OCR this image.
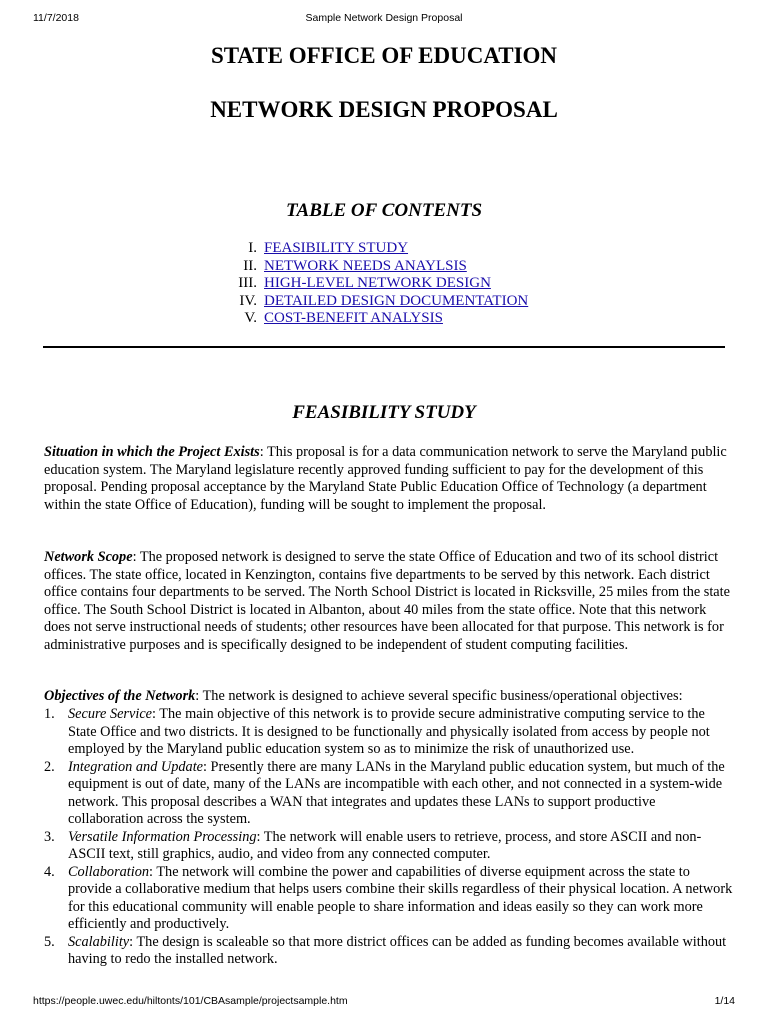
Sample Network Design Proposal
11/7/2018
STATE OFFICE OF EDUCATION
NETWORK DESIGN PROPOSAL
TABLE OF CONTENTS
I. FEASIBILITY STUDY
II. NETWORK NEEDS ANAYLSIS
III. HIGH-LEVEL NETWORK DESIGN
IV. DETAILED DESIGN DOCUMENTATION
V. COST-BENEFIT ANALYSIS
FEASIBILITY STUDY

Situation in which the Project Exists: This proposal is for a data communication network to serve the Maryland public education system. The Maryland legislature recently approved funding sufficient to pay for the development of this proposal. Pending proposal acceptance by the Maryland State Public Education Office of Technology (a department within the state Office of Education), funding will be sought to implement the proposal.

Network Scope: The proposed network is designed to serve the state Office of Education and two of its school district offices. The state office, located in Kenzington, contains five departments to be served by this network. Each district office contains four departments to be served. The North School District is located in Ricksville, 25 miles from the state office. The South School District is located in Albanton, about 40 miles from the state office. Note that this network does not serve instructional needs of students; other resources have been allocated for that purpose. This network is for administrative purposes and is specifically designed to be independent of student computing facilities.

Objectives of the Network: The network is designed to achieve several specific business/operational objectives:

1. Secure Service: The main objective of this network is to provide secure administrative computing service to the State Office and two districts. It is designed to be functionally and physically isolated from access by people not employed by the Maryland public education system so as to minimize the risk of unauthorized use.
2. Integration and Update: Presently there are many LANs in the Maryland public education system, but much of the equipment is out of date, many of the LANs are incompatible with each other, and not connected in a system-wide network. This proposal describes a WAN that integrates and updates these LANs to support productive collaboration across the system.
3. Versatile Information Processing: The network will enable users to retrieve, process, and store ASCII and non-ASCII text, still graphics, audio, and video from any connected computer.
4. Collaboration: The network will combine the power and capabilities of diverse equipment across the state to provide a collaborative medium that helps users combine their skills regardless of their physical location. A network for this educational community will enable people to share information and ideas easily so they can work more efficiently and productively.
5. Scalability: The design is scaleable so that more district offices can be added as funding becomes available without having to redo the installed network.
https://people.uwec.edu/hiltonts/101/CBAsample/projectsample.htm	1/14
